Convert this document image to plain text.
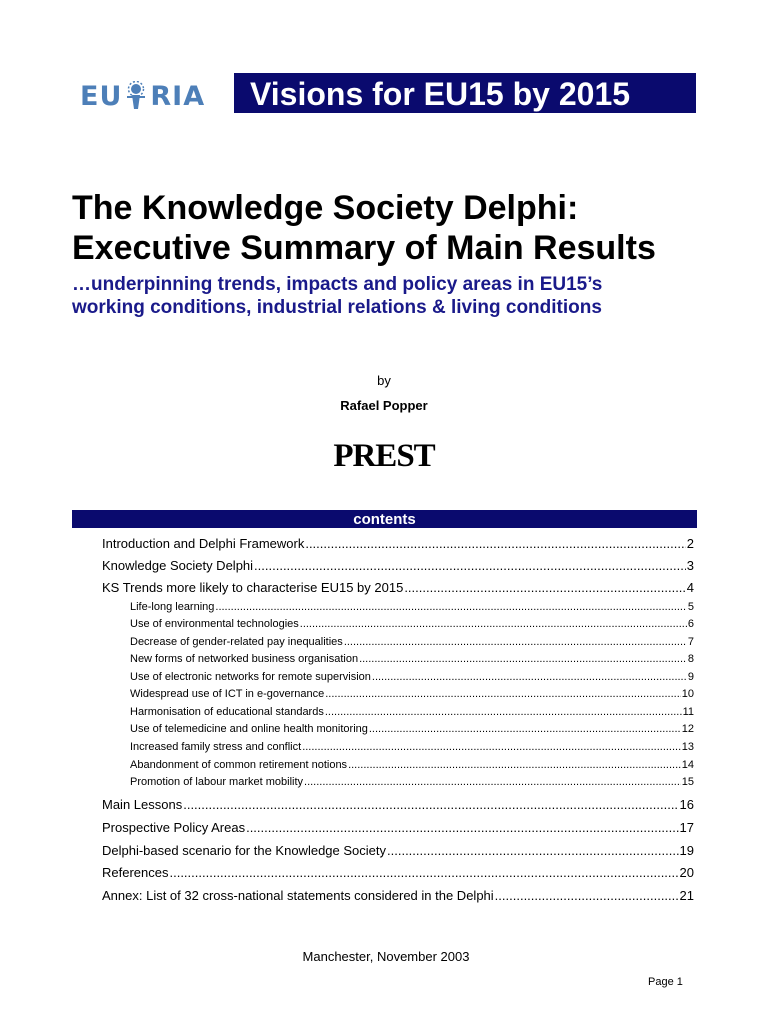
EU RIA	Visions for EU15 by 2015
The Knowledge Society Delphi:
Executive Summary of Main Results

…underpinning trends, impacts and policy areas in EU15’s
working conditions, industrial relations & living conditions

by
Rafael Popper
PREST
contents
Introduction and Delphi Framework .....	2
Knowledge Society Delphi .....	3
KS Trends more likely to characterise EU15 by 2015 .....	4
Life-long learning .....	5
Use of environmental technologies .....	6
Decrease of gender-related pay inequalities .....	7
New forms of networked business organisation .....	8
Use of electronic networks for remote supervision .....	9
Widespread use of ICT in e-governance .....	10
Harmonisation of educational standards .....	11
Use of telemedicine and online health monitoring .....	12
Increased family stress and conflict .....	13
Abandonment of common retirement notions .....	14
Promotion of labour market mobility .....	15
Main Lessons .....	16
Prospective Policy Areas .....	17
Delphi-based scenario for the Knowledge Society .....	19
References .....	20
Annex: List of 32 cross-national statements considered in the Delphi .....	21
Manchester, November 2003
Page 1
